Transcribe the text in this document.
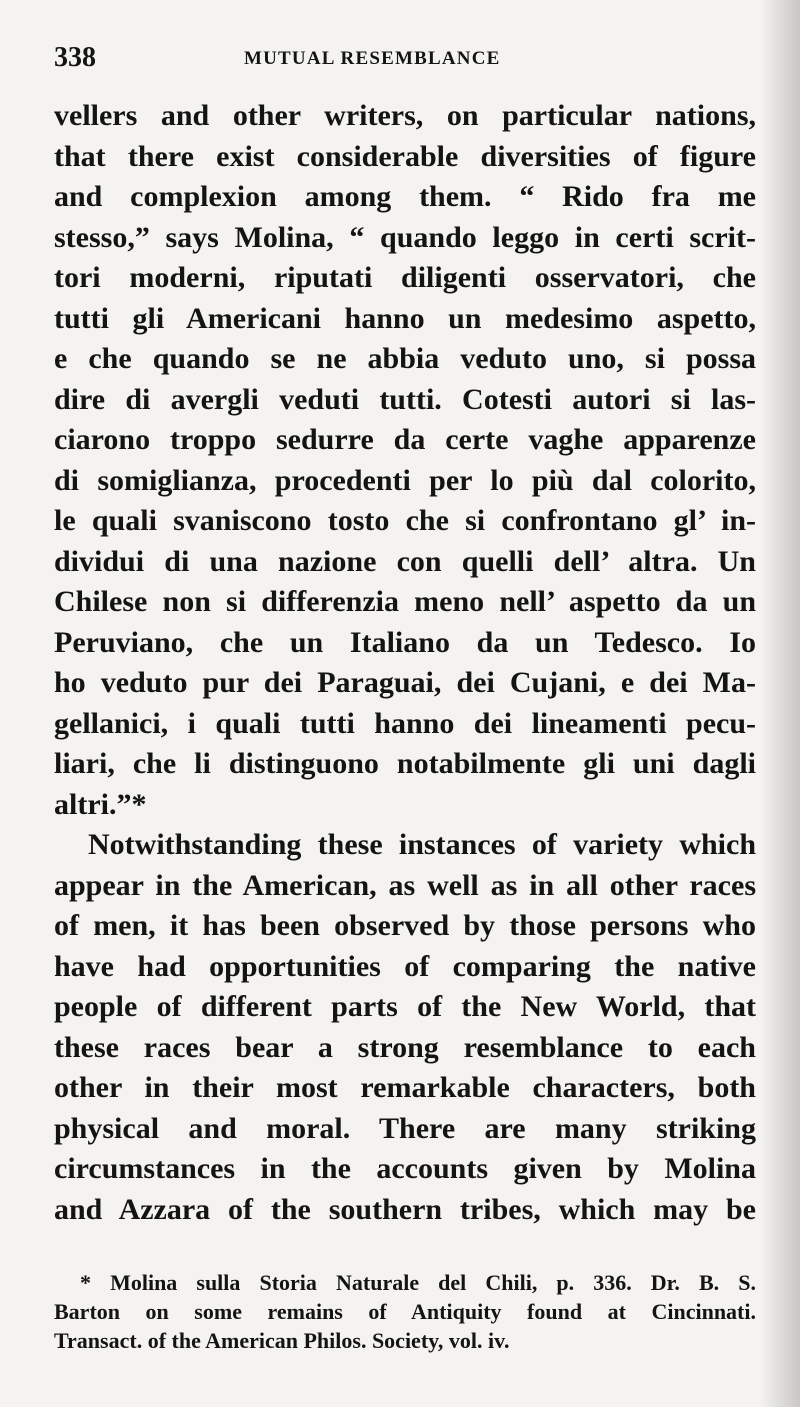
338	MUTUAL RESEMBLANCE
vellers and other writers, on particular nations,
that there exist considerable diversities of figure
and complexion among them. “ Rido fra me
stesso,” says Molina, “ quando leggo in certi scrit-
tori moderni, riputati diligenti osservatori, che
tutti gli Americani hanno un medesimo aspetto,
e che quando se ne abbia veduto uno, si possa
dire di avergli veduti tutti. Cotesti autori si las-
ciarono troppo sedurre da certe vaghe apparenze
di somiglianza, procedenti per lo più dal colorito,
le quali svaniscono tosto che si confrontano gl’ in-
dividui di una nazione con quelli dell’ altra. Un
Chilese non si differenzia meno nell’ aspetto da un
Peruviano, che un Italiano da un Tedesco. Io
ho veduto pur dei Paraguai, dei Cujani, e dei Ma-
gellanici, i quali tutti hanno dei lineamenti pecu-
liari, che li distinguono notabilmente gli uni dagli
altri.”*
Notwithstanding these instances of variety which
appear in the American, as well as in all other races
of men, it has been observed by those persons who
have had opportunities of comparing the native
people of different parts of the New World, that
these races bear a strong resemblance to each
other in their most remarkable characters, both
physical and moral. There are many striking
circumstances in the accounts given by Molina
and Azzara of the southern tribes, which may be
* Molina sulla Storia Naturale del Chili, p. 336. Dr. B. S.
Barton on some remains of Antiquity found at Cincinnati.
Transact. of the American Philos. Society, vol. iv.
